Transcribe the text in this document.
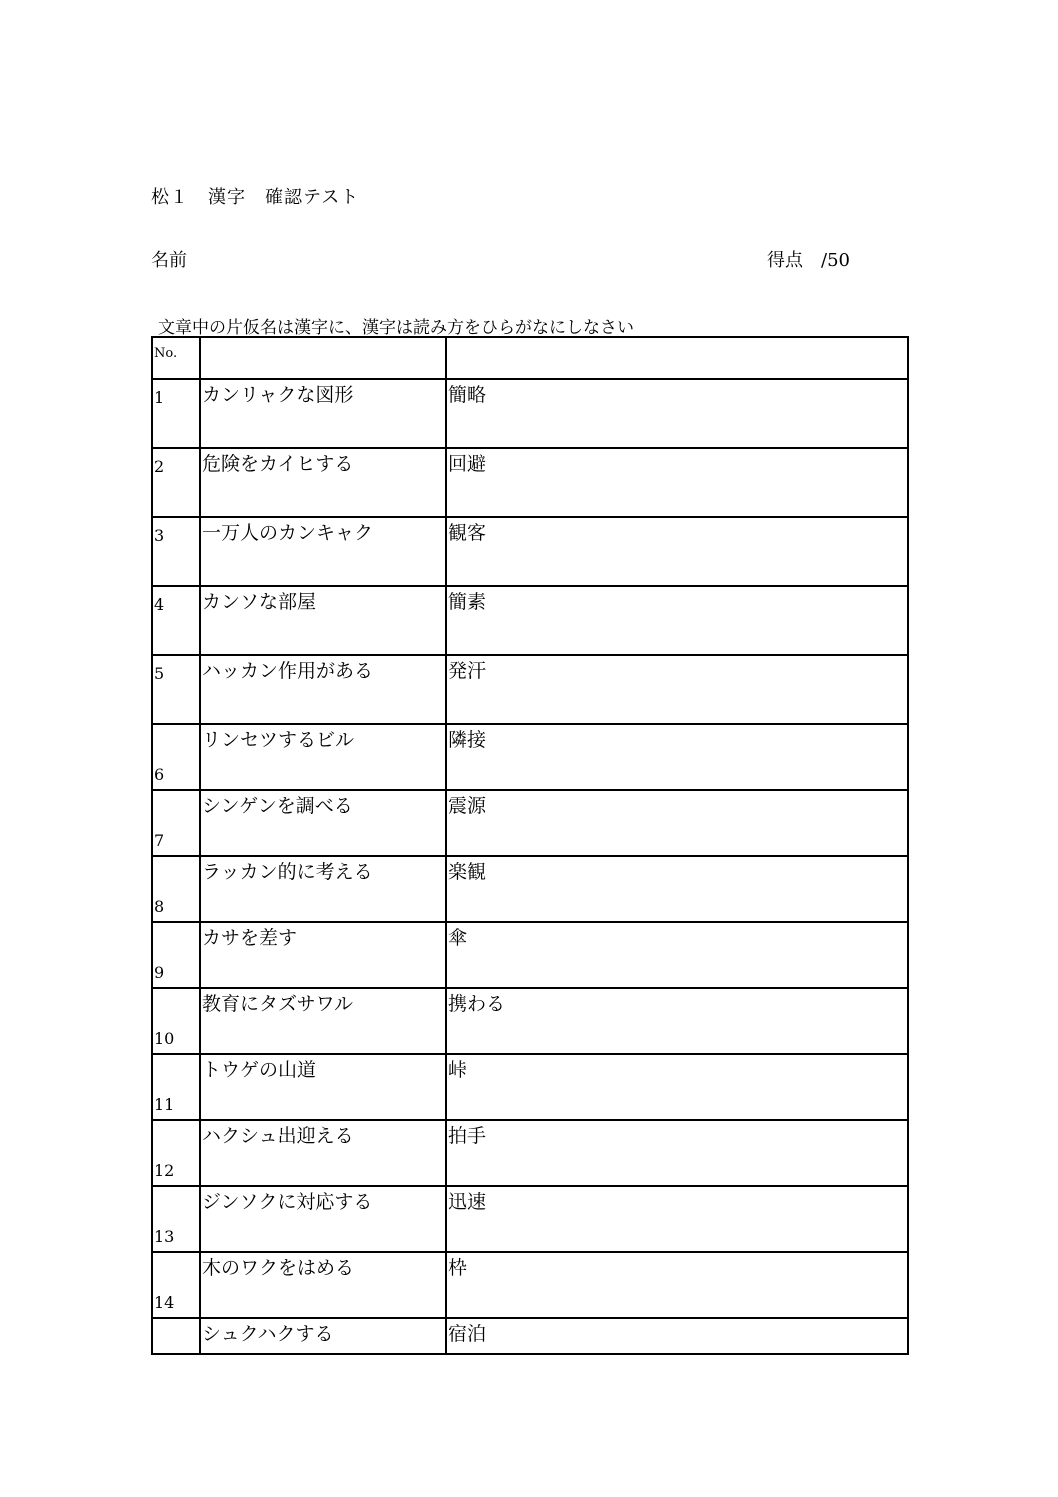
松１　漢字　確認テスト
名前	得点　/50
文章中の片仮名は漢字に、漢字は読み方をひらがなにしなさい
No.		
1	カンリャクな図形	簡略
2	危険をカイヒする	回避
3	一万人のカンキャク	観客
4	カンソな部屋	簡素
5	ハッカン作用がある	発汗
6	リンセツするビル	隣接
7	シンゲンを調べる	震源
8	ラッカン的に考える	楽観
9	カサを差す	傘
10	教育にタズサワル	携わる
11	トウゲの山道	峠
12	ハクシュ出迎える	拍手
13	ジンソクに対応する	迅速
14	木のワクをはめる	枠
	シュクハクする	宿泊
